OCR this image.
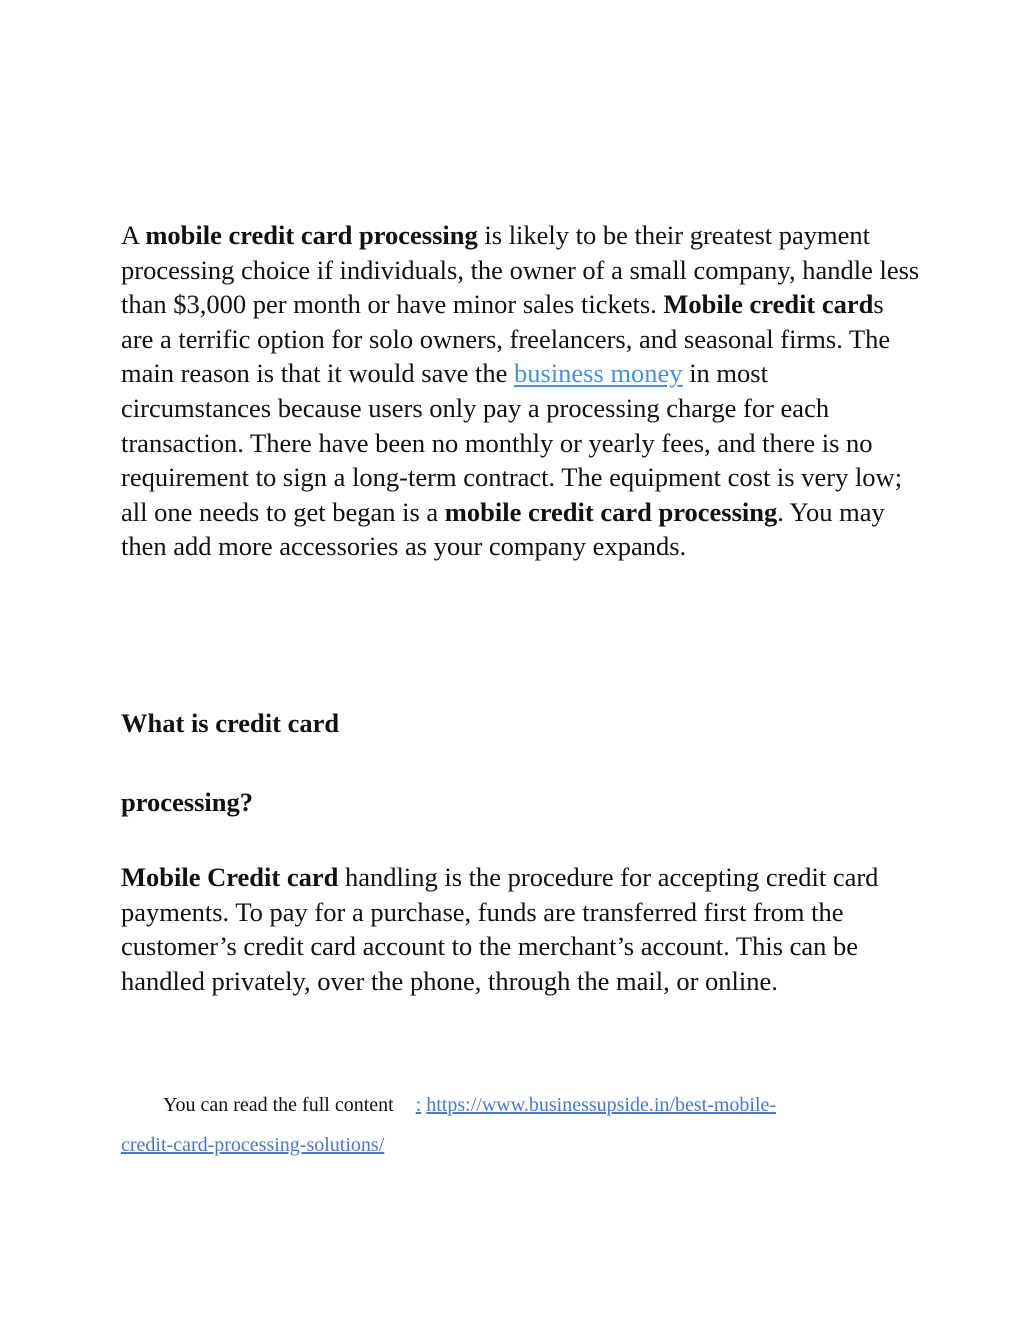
A mobile credit card processing is likely to be their greatest payment processing choice if individuals, the owner of a small company, handle less than $3,000 per month or have minor sales tickets. Mobile credit cards are a terrific option for solo owners, freelancers, and seasonal firms. The main reason is that it would save the business money in most circumstances because users only pay a processing charge for each transaction. There have been no monthly or yearly fees, and there is no requirement to sign a long-term contract. The equipment cost is very low; all one needs to get began is a mobile credit card processing. You may then add more accessories as your company expands.

What is credit card
processing?

Mobile Credit card handling is the procedure for accepting credit card payments. To pay for a purchase, funds are transferred first from the customer’s credit card account to the merchant’s account. This can be handled privately, over the phone, through the mail, or online.

You can read the full content : https://www.businessupside.in/best-mobile-
credit-card-processing-solutions/
